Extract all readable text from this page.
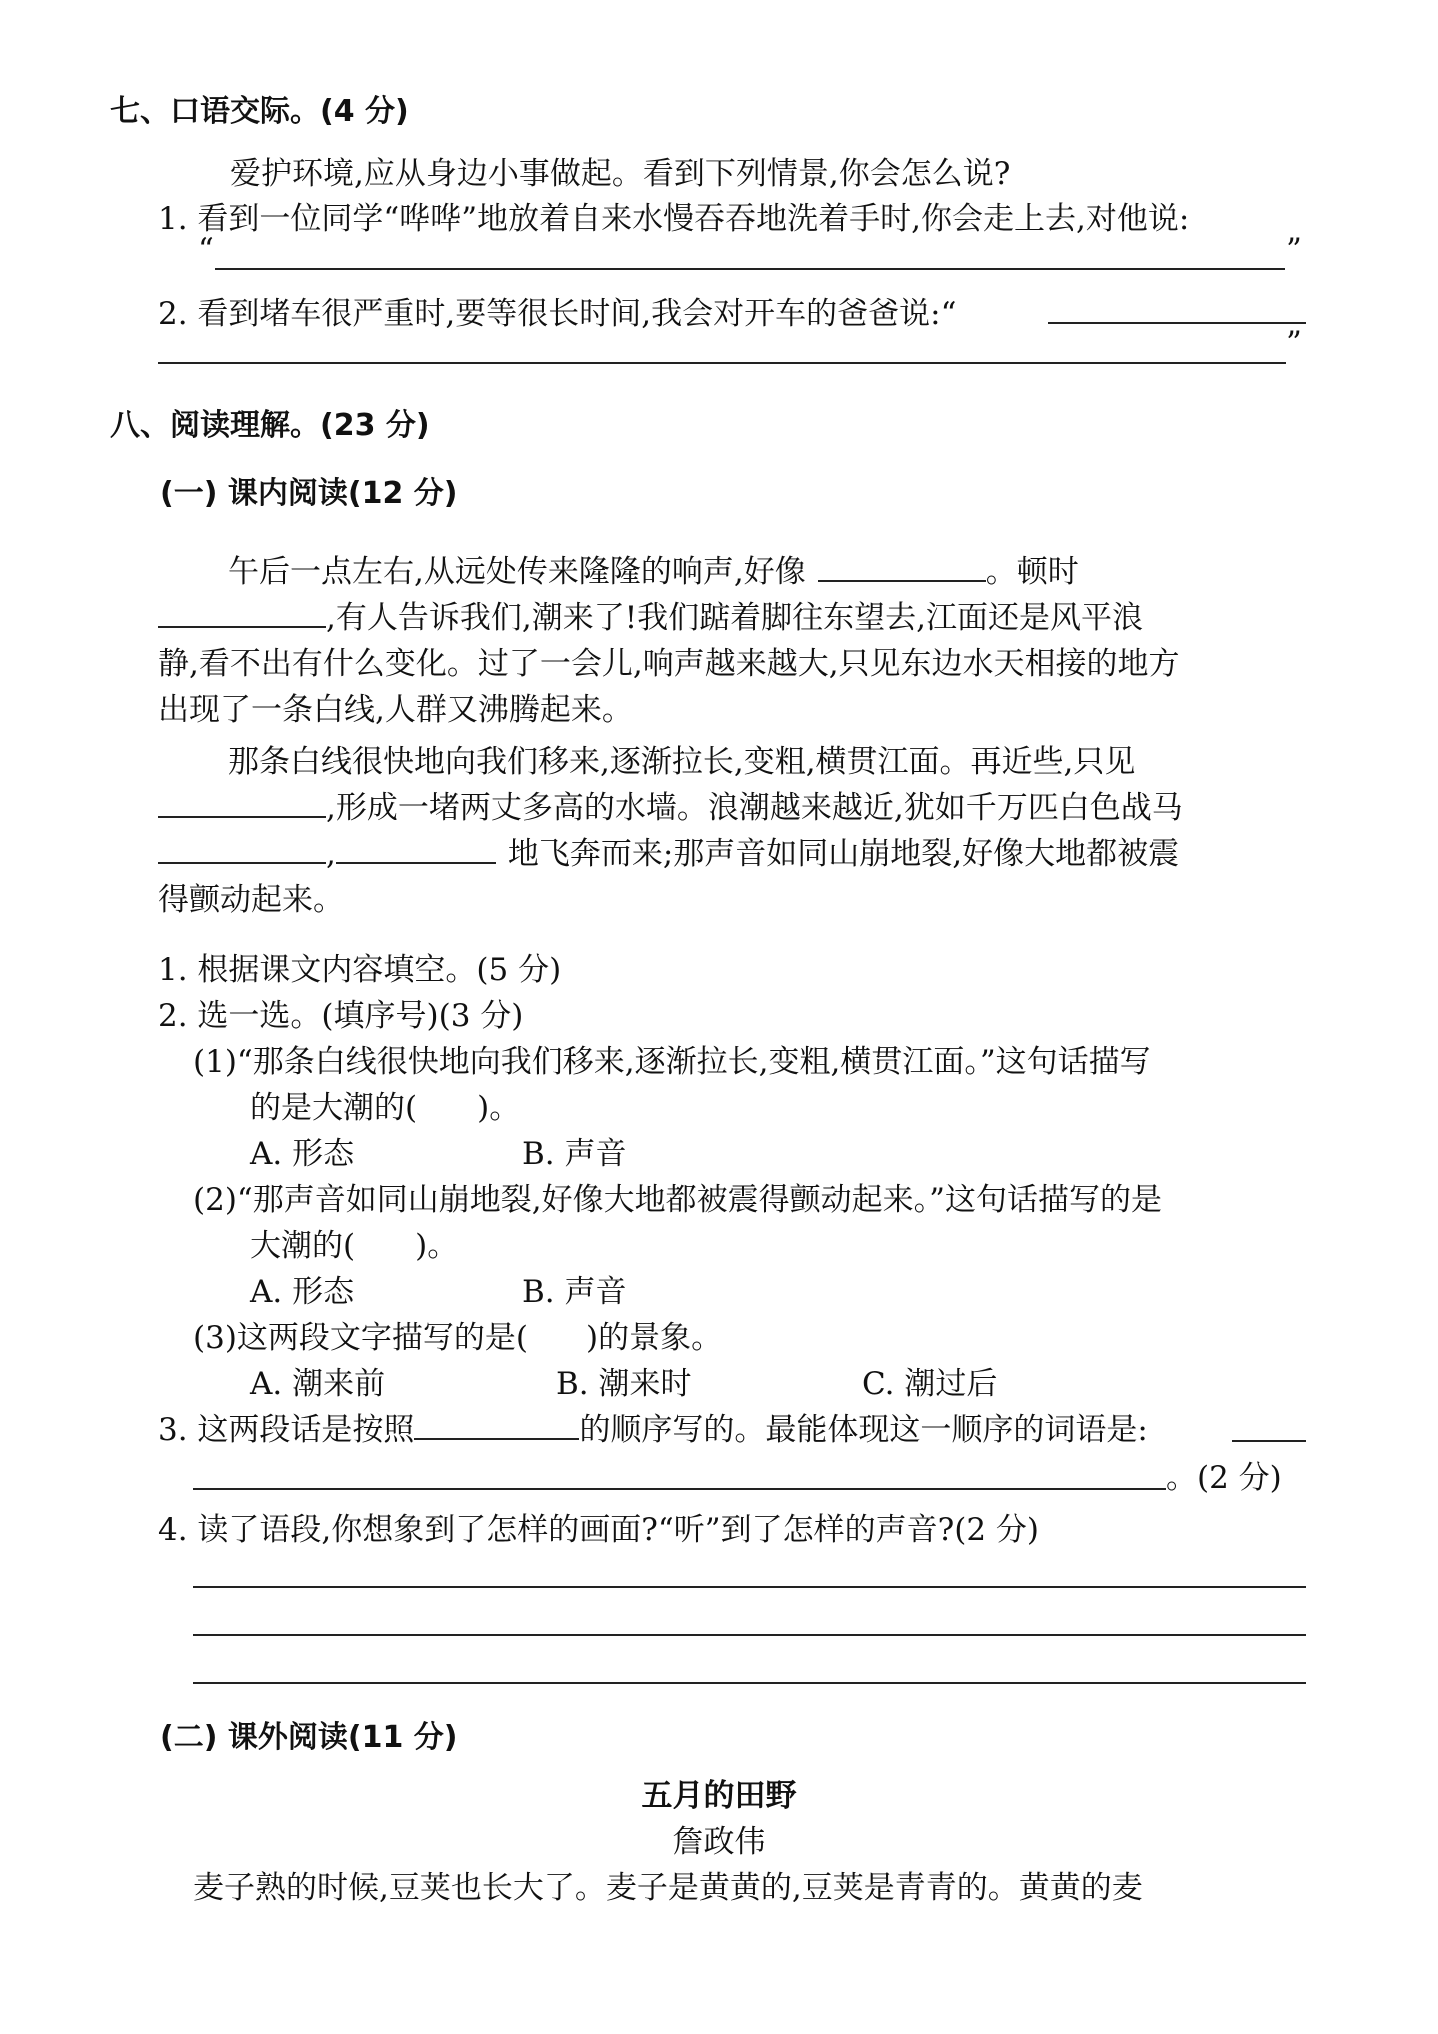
七、口语交际。(4 分)
爱护环境,应从身边小事做起。看到下列情景,你会怎么说?
1. 看到一位同学“哗哗”地放着自来水慢吞吞地洗着手时,你会走上去,对他说:
“	”
2. 看到堵车很严重时,要等很长时间,我会对开车的爸爸说:“
”
八、阅读理解。(23 分)
(一) 课内阅读(12 分)
午后一点左右,从远处传来隆隆的响声,好像	。顿时
,有人告诉我们,潮来了!我们踮着脚往东望去,江面还是风平浪
静,看不出有什么变化。过了一会儿,响声越来越大,只见东边水天相接的地方
出现了一条白线,人群又沸腾起来。
那条白线很快地向我们移来,逐渐拉长,变粗,横贯江面。再近些,只见
,形成一堵两丈多高的水墙。浪潮越来越近,犹如千万匹白色战马
,	地飞奔而来;那声音如同山崩地裂,好像大地都被震
得颤动起来。
1. 根据课文内容填空。(5 分)
2. 选一选。(填序号)(3 分)
(1)“那条白线很快地向我们移来,逐渐拉长,变粗,横贯江面。”这句话描写
的是大潮的( )。
A. 形态	B. 声音
(2)“那声音如同山崩地裂,好像大地都被震得颤动起来。”这句话描写的是
大潮的( )。
A. 形态	B. 声音
(3)这两段文字描写的是( )的景象。
A. 潮来前	B. 潮来时	C. 潮过后
3. 这两段话是按照	的顺序写的。最能体现这一顺序的词语是:
。(2 分)
4. 读了语段,你想象到了怎样的画面?“听”到了怎样的声音?(2 分)
(二) 课外阅读(11 分)
五月的田野
詹政伟
麦子熟的时候,豆荚也长大了。麦子是黄黄的,豆荚是青青的。黄黄的麦
